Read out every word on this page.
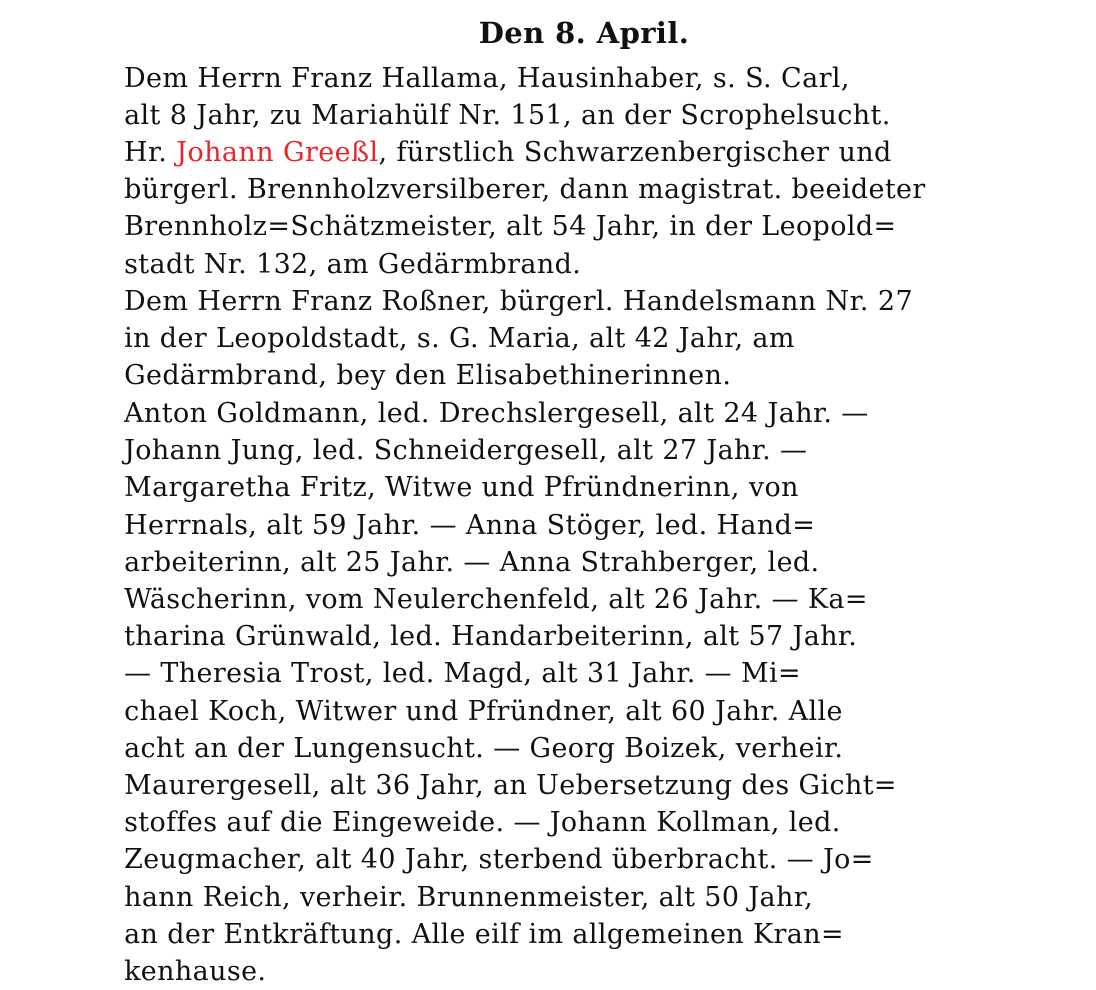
Den 8. April.
Dem Herrn Franz Hallama, Hausinhaber, s. S. Carl,
alt 8 Jahr, zu Mariahülf Nr. 151, an der Scrophelsucht.
Hr. Johann Greeßl, fürstlich Schwarzenbergischer und
bürgerl. Brennholzversilberer, dann magistrat. beeideter
Brennholz=Schätzmeister, alt 54 Jahr, in der Leopold=
stadt Nr. 132, am Gedärmbrand.
Dem Herrn Franz Roßner, bürgerl. Handelsmann Nr. 27
in der Leopoldstadt, s. G. Maria, alt 42 Jahr, am
Gedärmbrand, bey den Elisabethinerinnen.
Anton Goldmann, led. Drechslergesell, alt 24 Jahr. —
Johann Jung, led. Schneidergesell, alt 27 Jahr. —
Margaretha Fritz, Witwe und Pfründnerinn, von
Herrnals, alt 59 Jahr. — Anna Stöger, led. Hand=
arbeiterinn, alt 25 Jahr. — Anna Strahberger, led.
Wäscherinn, vom Neulerchenfeld, alt 26 Jahr. — Ka=
tharina Grünwald, led. Handarbeiterinn, alt 57 Jahr.
— Theresia Trost, led. Magd, alt 31 Jahr. — Mi=
chael Koch, Witwer und Pfründner, alt 60 Jahr. Alle
acht an der Lungensucht. — Georg Boizek, verheir.
Maurergesell, alt 36 Jahr, an Uebersetzung des Gicht=
stoffes auf die Eingeweide. — Johann Kollman, led.
Zeugmacher, alt 40 Jahr, sterbend überbracht. — Jo=
hann Reich, verheir. Brunnenmeister, alt 50 Jahr,
an der Entkräftung. Alle eilf im allgemeinen Kran=
kenhause.
